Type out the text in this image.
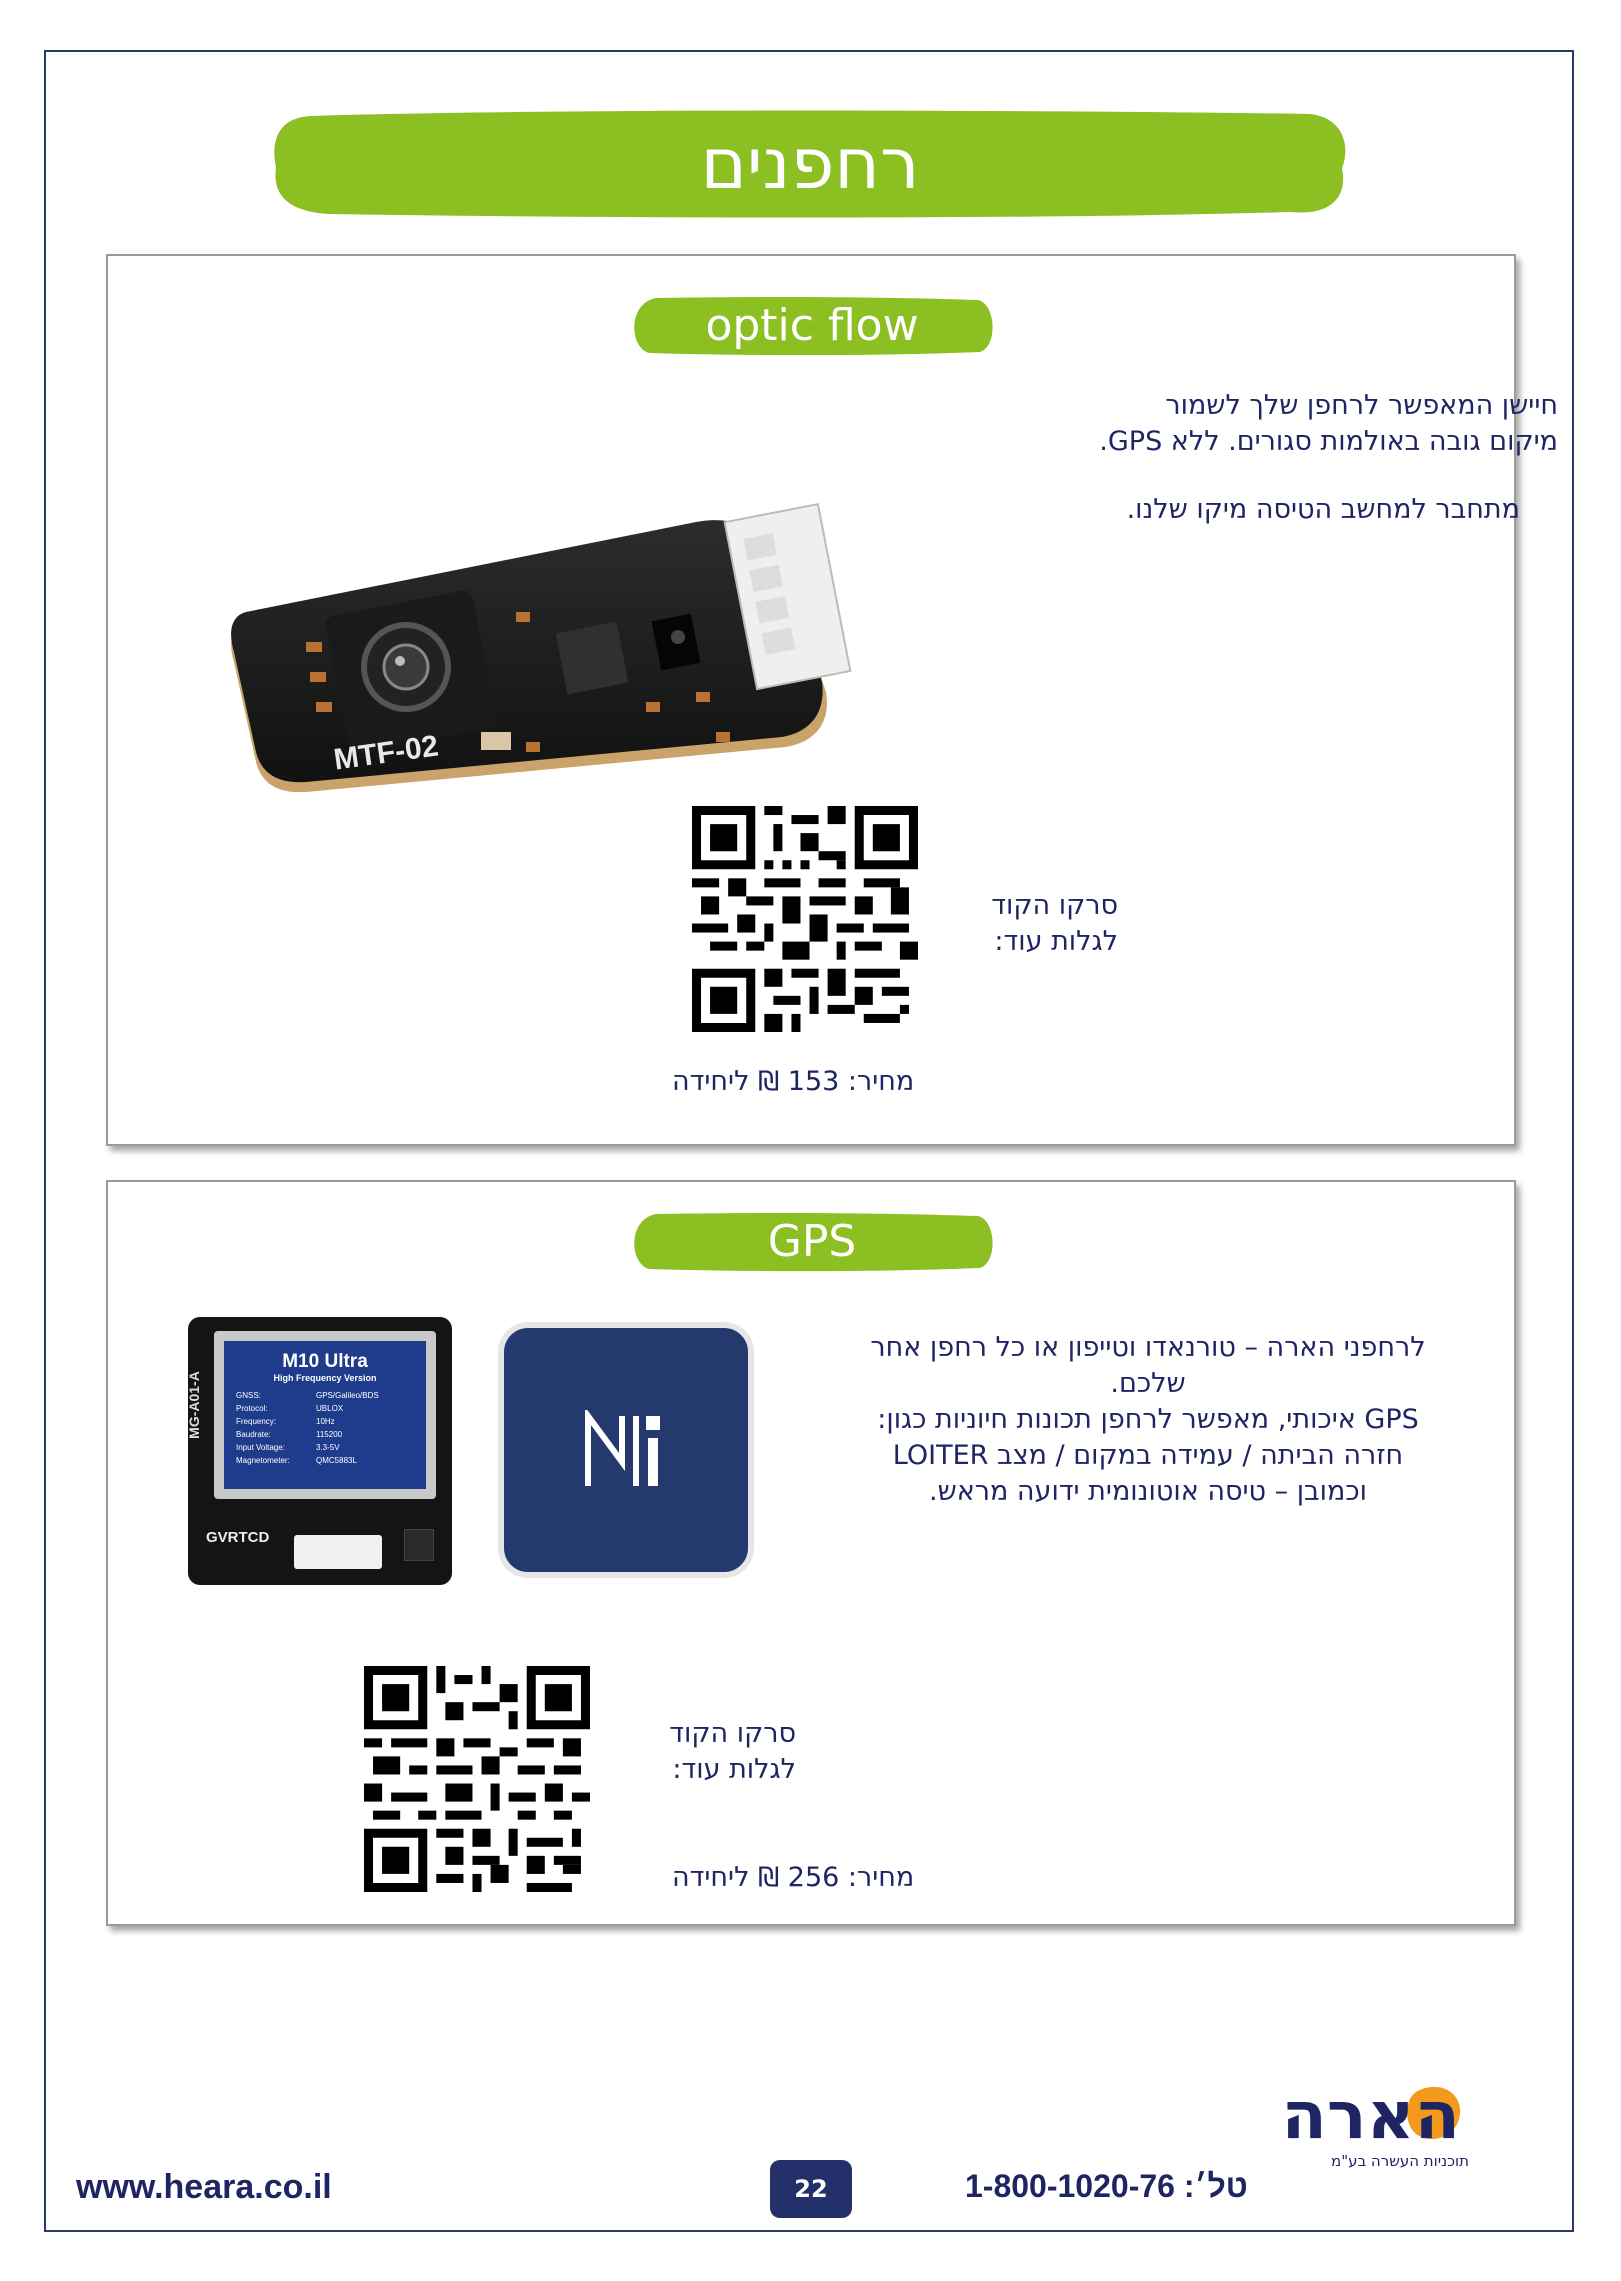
רחפנים
optic flow
חיישן המאפשר לרחפן שלך לשמור
מיקום גובה באולמות סגורים. ללא GPS.
מתחבר למחשב הטיסה מיקו שלנו.
MTF-02
סרקו הקוד
לגלות עוד:
מחיר: 153 ₪ ליחידה
GPS
לרחפני הארה – טורנאדו וטייפון או כל רחפן אחר
שלכם.
GPS איכותי, מאפשר לרחפן תכונות חיוניות כגון:
חזרה הביתה / עמידה במקום / מצב LOITER
וכמובן – טיסה אוטונומית ידועה מראש.
M10 Ultra
High Frequency Version
GNSS:	GPS/Galileo/BDS
Protocol:	UBLOX
Frequency:	10Hz
Baudrate:	115200
Input Voltage:	3.3-5V
Magnetometer:	QMC5883L
MG-A01-A
GVRTCD
סרקו הקוד
לגלות עוד:
מחיר: 256 ₪ ליחידה
www.heara.co.il	22	טל׳: 1-800-1020-76
הארה
תוכניות העשרה בע"מ
